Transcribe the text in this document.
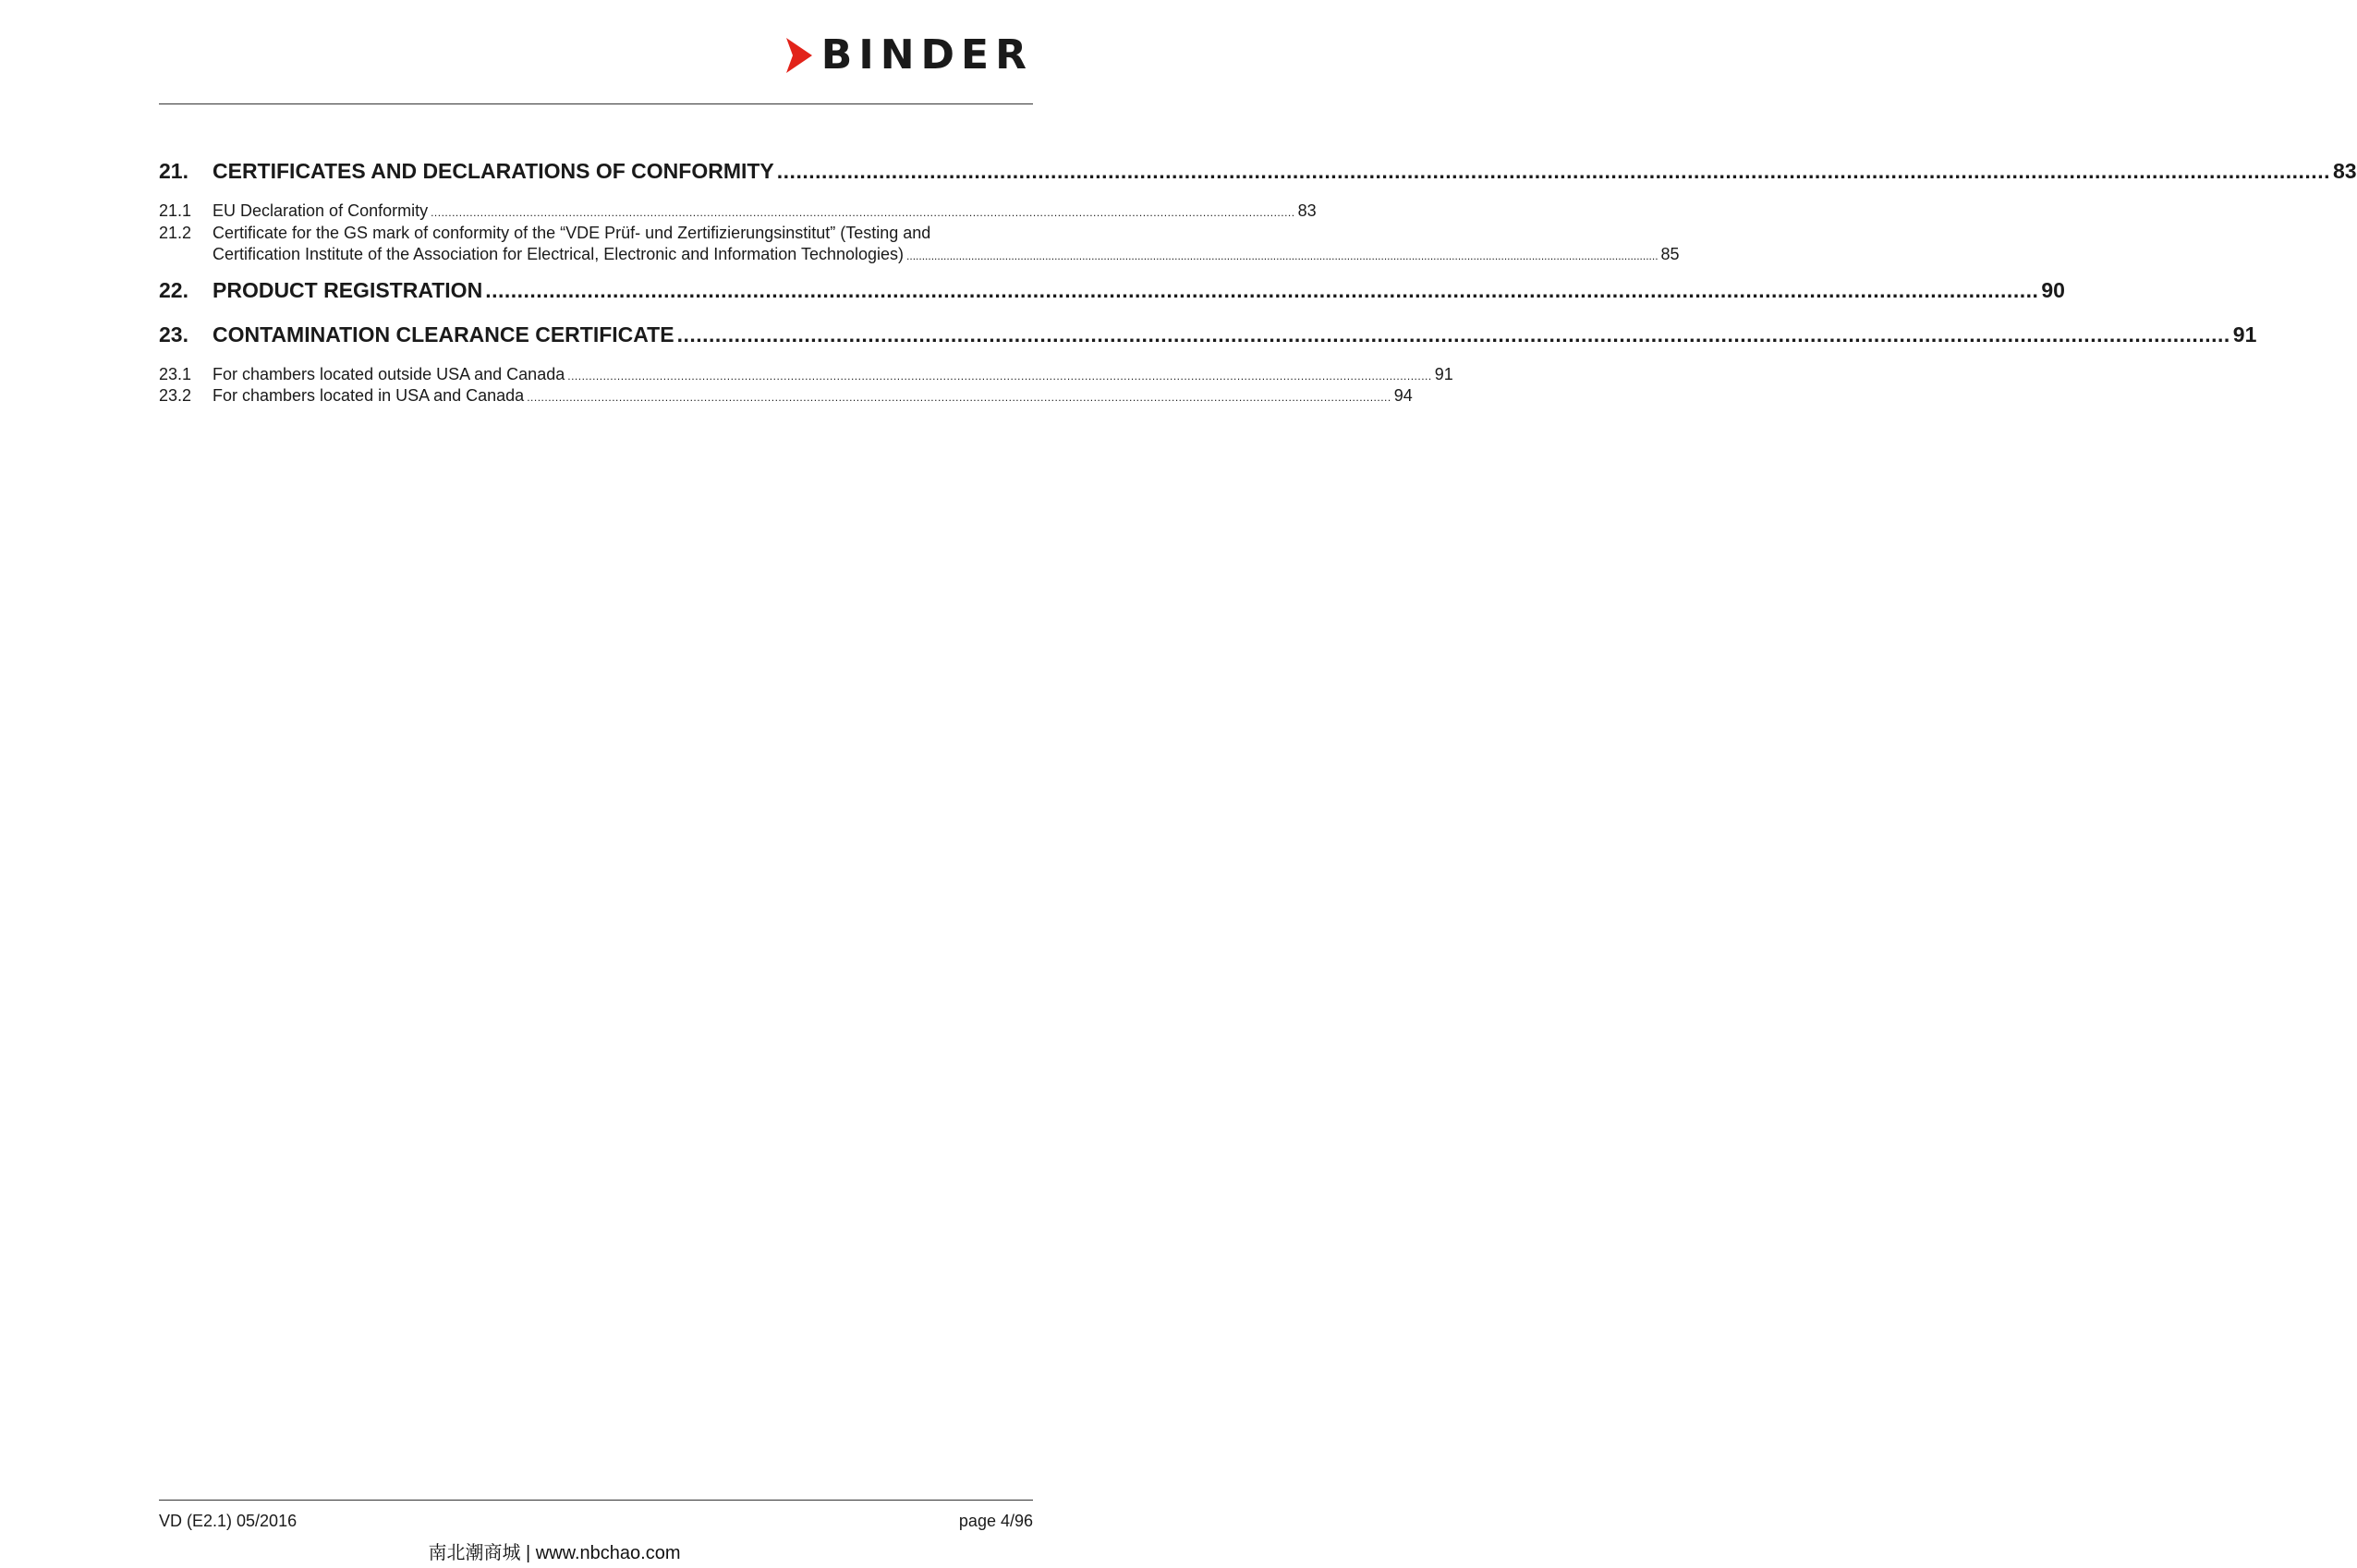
BINDER
21.	CERTIFICATES AND DECLARATIONS OF CONFORMITY .....	83
21.1	EU Declaration of Conformity .....	83
21.2	Certificate for the GS mark of conformity of the “VDE Prüf- und Zertifizierungsinstitut” (Testing and
Certification Institute of the Association for Electrical, Electronic and Information Technologies) .....	85
22.	PRODUCT REGISTRATION .....	90
23.	CONTAMINATION CLEARANCE CERTIFICATE .....	91
23.1	For chambers located outside USA and Canada .....	91
23.2	For chambers located in USA and Canada .....	94
VD (E2.1) 05/2016	page 4/96
南北潮商城 | www.nbchao.com
